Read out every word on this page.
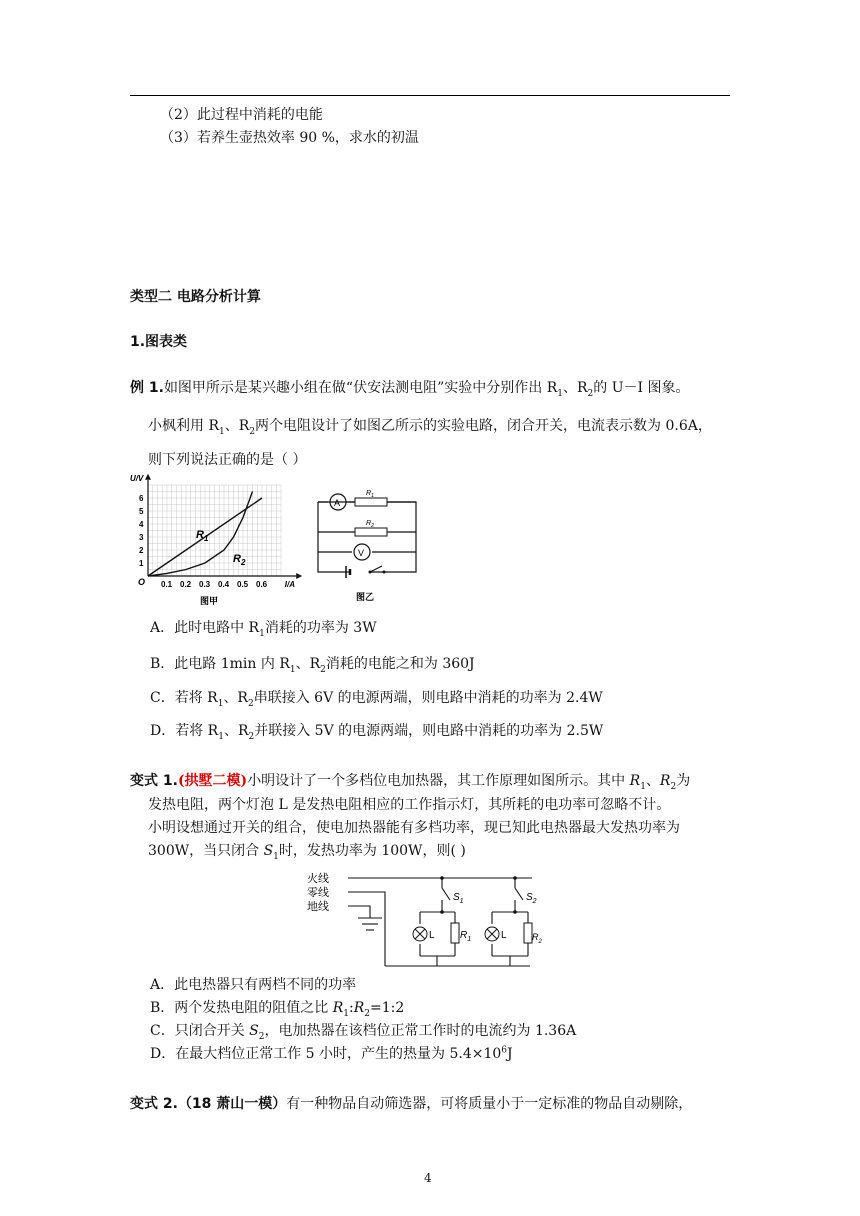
（2）此过程中消耗的电能
（3）若养生壶热效率 90 %，求水的初温
类型二 电路分析计算
1.图表类
例 1.如图甲所示是某兴趣小组在做“伏安法测电阻”实验中分别作出 $R_1$、$R_2$的 U－I 图象。
小枫利用 $R_1$、$R_2$两个电阻设计了如图乙所示的实验电路，闭合开关，电流表示数为 0.6A，
则下列说法正确的是（ ）
0.1 0.2 0.3 0.4 0.5 0.6
1
2
3
4
5
6
O	I/A
U/V
$R_1$
$R_2$
图甲
A
V
$R_1$
$R_2$
图乙
A．此时电路中 $R_1$消耗的功率为 3W
B．此电路 1min 内 $R_1$、$R_2$消耗的电能之和为 360J
C．若将 $R_1$、$R_2$串联接入 6V 的电源两端，则电路中消耗的功率为 2.4W
D．若将 $R_1$、$R_2$并联接入 5V 的电源两端，则电路中消耗的功率为 2.5W
变式 1.(拱墅二模)小明设计了一个多档位电加热器，其工作原理如图所示。其中 $R_1$、$R_2$为
发热电阻，两个灯泡 L 是发热电阻相应的工作指示灯，其所耗的电功率可忽略不计。
小明设想通过开关的组合，使电加热器能有多档功率，现已知此电热器最大发热功率为
300W，当只闭合 $S_1$时，发热功率为 100W，则( )
火线
零线
地线
$S_1$	$S_2$
L	L
$R_1$	$R_2$
A．此电热器只有两档不同的功率
B．两个发热电阻的阻值之比 $R_1:R_2=1:2$
C．只闭合开关 $S_2$，电加热器在该档位正常工作时的电流约为 1.36A
D．在最大档位正常工作 5 小时，产生的热量为 $5.4\times 10^6J$
变式 2.（18 萧山一模）有一种物品自动筛选器，可将质量小于一定标准的物品自动剔除，
4
